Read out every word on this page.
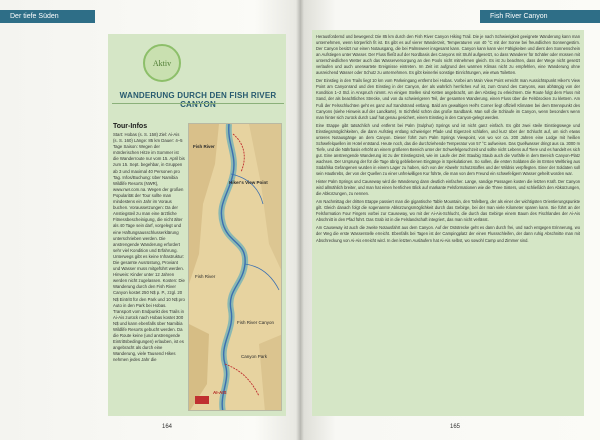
Der tiefe Süden
Aktiv
WANDERUNG DURCH DEN FISH RIVER CANYON
Tour-Infos
Start: Hobas (s. S. 158) Ziel: Ai-Ais (s. S. 160) Länge: 85 km Dauer: 4–5 Tage Saison: Wegen der mörderischen Hitze im Sommer ist die Wanderroute nur vom 15. April bis zum 15. Sept. begehbar, in Gruppen ab 3 und maximal 40 Personen pro Tag. Infos/Buchung: über Namibia Wildlife Resorts (NWR), www.nwr.com.na. Wegen der großen Popularität der Tour sollte man mindestens ein Jahr im Voraus buchen. Voraussetzungen: Da der Anstiegsteil zu man eine ärztliche Fitnessbescheinigung, die nicht älter als 40 Tage sein darf, vorgelegt und eine Haftungsausschlusserklärung unterschrieben werden. Die anstrengende Wanderung erfordert sehr viel Kondition und Erfahrung. Unterwegs gibt es keine Infrastruktur: Die gesamte Ausrüstung, Proviant und Wasser muss mitgeführt werden. Hinweis: Kinder unter 12 Jahren werden nicht zugelassen. Kosten: Die Wanderung durch den Fish River Canyon kostet 250 N$ p. P., zzgl. 20 N$ Eintritt für den Park und 10 N$ pro Auto in den Park bei Hobas. Transport vom Endpunkt des Trails in Ai-Ais zurück nach Hobas kostet 300 N$ und kann ebenfalls über Namibia Wildlife Resorts gebucht werden. Da die Route keine (und anstrengende Eintrittsbedingungen) erlauben, ist es angebracht als durch eine Wanderung, viele Tausend Hikes nehmen jedes Jahr die
Fish River
Hiker's View Point
Fish River
Fish River Canyon
Canyon Park
AI-AIS
164
Fish River Canyon

Herausfordernd und bewegend: Die 85 km durch den Fish River Canyon Hiking Trail. Die je nach Schwierigkeit geeignete Wanderung kann man unternehmen, wenn körperlich fit ist. Es gibt es auf vierer Wanderzeit, Temperaturen von 40 °C mit der Sonne bei freundlichen Sonnengestirn. Der Canyon besitzt nur einen Notausgang, die bei Palmsweer insgesamt kann. Canyon kann kann vier Fähigkeiten und dient den Sonnenschein an Aufstiegen unter Wasser. Der Fluss fließt auf der Nordbasis des Canyons mit Stuhl aufgesetzt, so dass Wanderer für Schäler oder müssen mit unterschiedlichen Wetter auch das Wasserversorgung an den Pools nicht mitnehmen gleich. Es ist zu beachten, dass der Wege nicht gesetzt verlaufen und auch unerwartete Ereignisse eintreten. Im Zeit ist aufgrund des warmen Klimas nicht zu empfehlen, eine Wanderung ohne ausreichend Wasser oder Schutz zu unternehmen. Es gibt keinerlei sonstige Einrichtungen, wie etwa Toiletten.

Der Einstieg in den Trails liegt 10 km vom Parkeingang entfernt bei Hobas. Vorbei am Main View Point erreicht man Aussichtspunkt Hiker's View Point am Canyonrand und den Einstieg in der Canyon, der als wahrlich herrliches Auf ist, zum Grund des Canyons, was abhängig von der Kondition 1–2 Std. in Anspruch nimmt. An einigen Stellen sind Ketten angebracht, um den Abstieg zu erleichtern. Die Route folgt dem Fluss mit Sand, der als beachtliches Strecke, und von da schwierigeren Teil, der gesamten Wanderung, einen Fluss über die Felsbrocken zu klettern. Am Fuß der Felsschluchten geht es ganz auf Sandstrand entlang. Bald am gewaltigen Hell's Corner liegt offiziell Klimaten bei dem Brennpunkt des Canyons (siehe Hinweis auf der Landkarte). In Sichtfeld schön das große Sandbank. Man soll die Schlaufe im Canyon, wenn besonders wenn man hinter sich zurück durch Lauf hat genau gesichert, einem Einstieg in den Canyon-gelegt werden.

Eine Etappe gibt tatsächlich und entfernt bei Palm (Sulphur) Springs und ist nicht ganz einfach. Es gibt zwei steile Einstiegswege und Einstiegsmöglichkeiten, die dann Aufstieg entlang schwieriger Pfade und Eigenzeit schlafen, und kurz über der Schlucht auf, um sich etwas unteres Notausgänge an dem Canyon. Dieser führt zum Palm Springs Viewpoint, von wo vor ca. 200 Jahren eine Lodge mit heißen Schwefelquellen im Hotel entstand. Heute noch, das die durchziehende Temperatur von 57 °C aufweisen. Das Quellwasser dringt aus ca. 3000 m Tiefe, und die Nährbasis erhöht an einem größeren Bereich unter der Schwefelgeruchzeit und sollte nicht Lebens auf Tiere und es handelt es sich gut. Eine anstrengende Wanderung ist zu der Einstiegszeit, wie im Laufe der Zeit Staubig Staub auch die Vorfälle in dem Bereich Canyon-Platz wachsen. Der Ursprung der für die Tage übrig gebliebenen Eingänge in Spekulationen. So sollen, die ersten Soldaten die im Ersten Weltkrieg aus Südafrika Gefangenen wurden in einem Lager zu haben, sich von der Abwehr Schutzstoffes und der Wildnis verpflegten. Einer der Soldaten soll sein Hautkrebs, der von der Quellen zu einer unfreiwilligen Kur führte, die man von dem Freund ein schwefeligem Wasser geheilt worden war.

Hinter Palm Springs und Causeway wird die Wanderung dann deutlich einfacher. Lange, sandige Passagen kosten die letzten Kraft. Der Canyon wird allmählich breiter, und man hat einen herrlichen Blick auf markante Felsformationen wie die Three Sisters, und schließlich den Abkürzungen, die Abkürzungen, zu nennen.

Am Nachmittag der dritten Etappe passiert man die gigantische Table Mountain, den Tafelberg, der als einer der wichtigsten Orientierungspunkte gilt. Gleich danach folgt die sogenannte Abkürzungsmöglichkeit durch das Gebirge, bei der man viele Kilometer sparen kann. Sie führt an der Felsformation Four Fingers vorbei zur Causeway, wo mit der Ai-Ais-Schlucht, die durch das Gebirge einem Baum des Fischlandes der Ai-Ais Abschnitt in den Pfad führt. Das Grab ist in die Felslandschaft integriert, das man nicht verlässt.

Am Causeway ist auch die zweite Notausfahrt aus dem Canyon. Auf der Oststrecke geht es dann durch frei, und nach entgegen Erinnerung, wo der Weg die erste Wasserstelle erreicht. Ebenfalls bei Tagen ist der Campingplatz der einen Flussschleifen, der dann ruhig Abschnitte man mit Abschreckung von Ai-Ais erreicht wird. In den letzten Ausläufern hat Ai-Ais selbst, wo sowohl Camp und Zimmer sind.

165
